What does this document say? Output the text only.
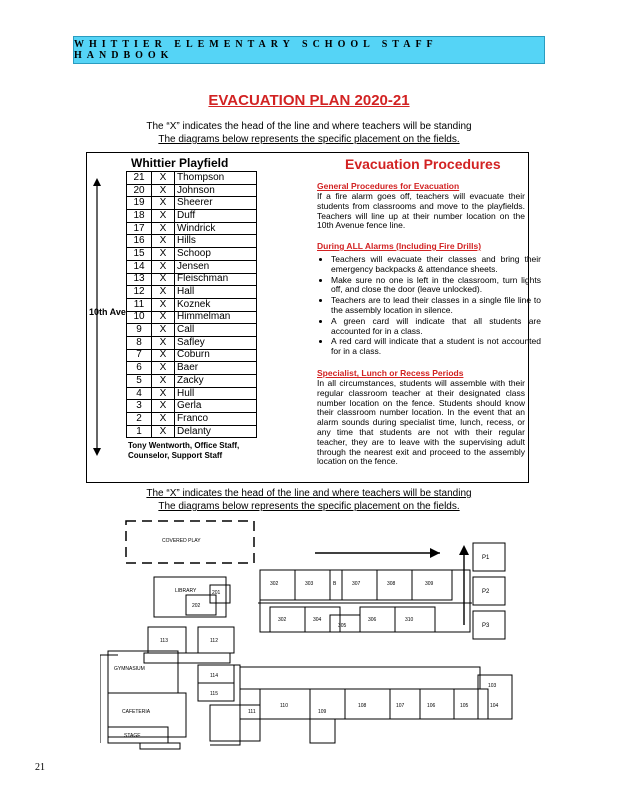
WHITTIER ELEMENTARY SCHOOL STAFF HANDBOOK
EVACUATION PLAN 2020-21
The “X” indicates the head of the line and where teachers will be standing
The diagrams below represents the specific placement on the fields.
Whittier Playfield
10th Ave
21	X	Thompson
20	X	Johnson
19	X	Sheerer
18	X	Duff
17	X	Windrick
16	X	Hills
15	X	Schoop
14	X	Jensen
13	X	Fleischman
12	X	Hall
11	X	Koznek
10	X	Himmelman
9	X	Call
8	X	Safley
7	X	Coburn
6	X	Baer
5	X	Zacky
4	X	Hull
3	X	Gerla
2	X	Franco
1	X	Delanty
Tony Wentworth, Office Staff, Counselor, Support Staff
Evacuation Procedures
General Procedures for Evacuation
If a fire alarm goes off, teachers will evacuate their students from classrooms and move to the playfields. Teachers will line up at their number location on the 10th Avenue fence line.
During ALL Alarms (Including Fire Drills)
• Teachers will evacuate their classes and bring their emergency backpacks & attendance sheets.
• Make sure no one is left in the classroom, turn lights off, and close the door (leave unlocked).
• Teachers are to lead their classes in a single file line to the assembly location in silence.
• A green card will indicate that all students are accounted for in a class.
• A red card will indicate that a student is not accounted for in a class.
Specialist, Lunch or Recess Periods
In all circumstances, students will assemble with their regular classroom teacher at their designated class number location on the fence. Students should know their classroom number location. In the event that an alarm sounds during specialist time, lunch, recess, or any time that students are not with their regular teacher, they are to leave with the supervising adult through the nearest exit and proceed to the assembly location on the fence.
The “X” indicates the head of the line and where teachers will be standing
The diagrams below represents the specific placement on the fields.
COVERED PLAY
LIBRARY
GYMNASIUM
CAFETERIA
STAGE
P1
P2
P3
302	303	B	307	308	309
302	304
305
306	310
201
202
113	112
114
115
111
110
109
108	107	106	105	104
103
21
